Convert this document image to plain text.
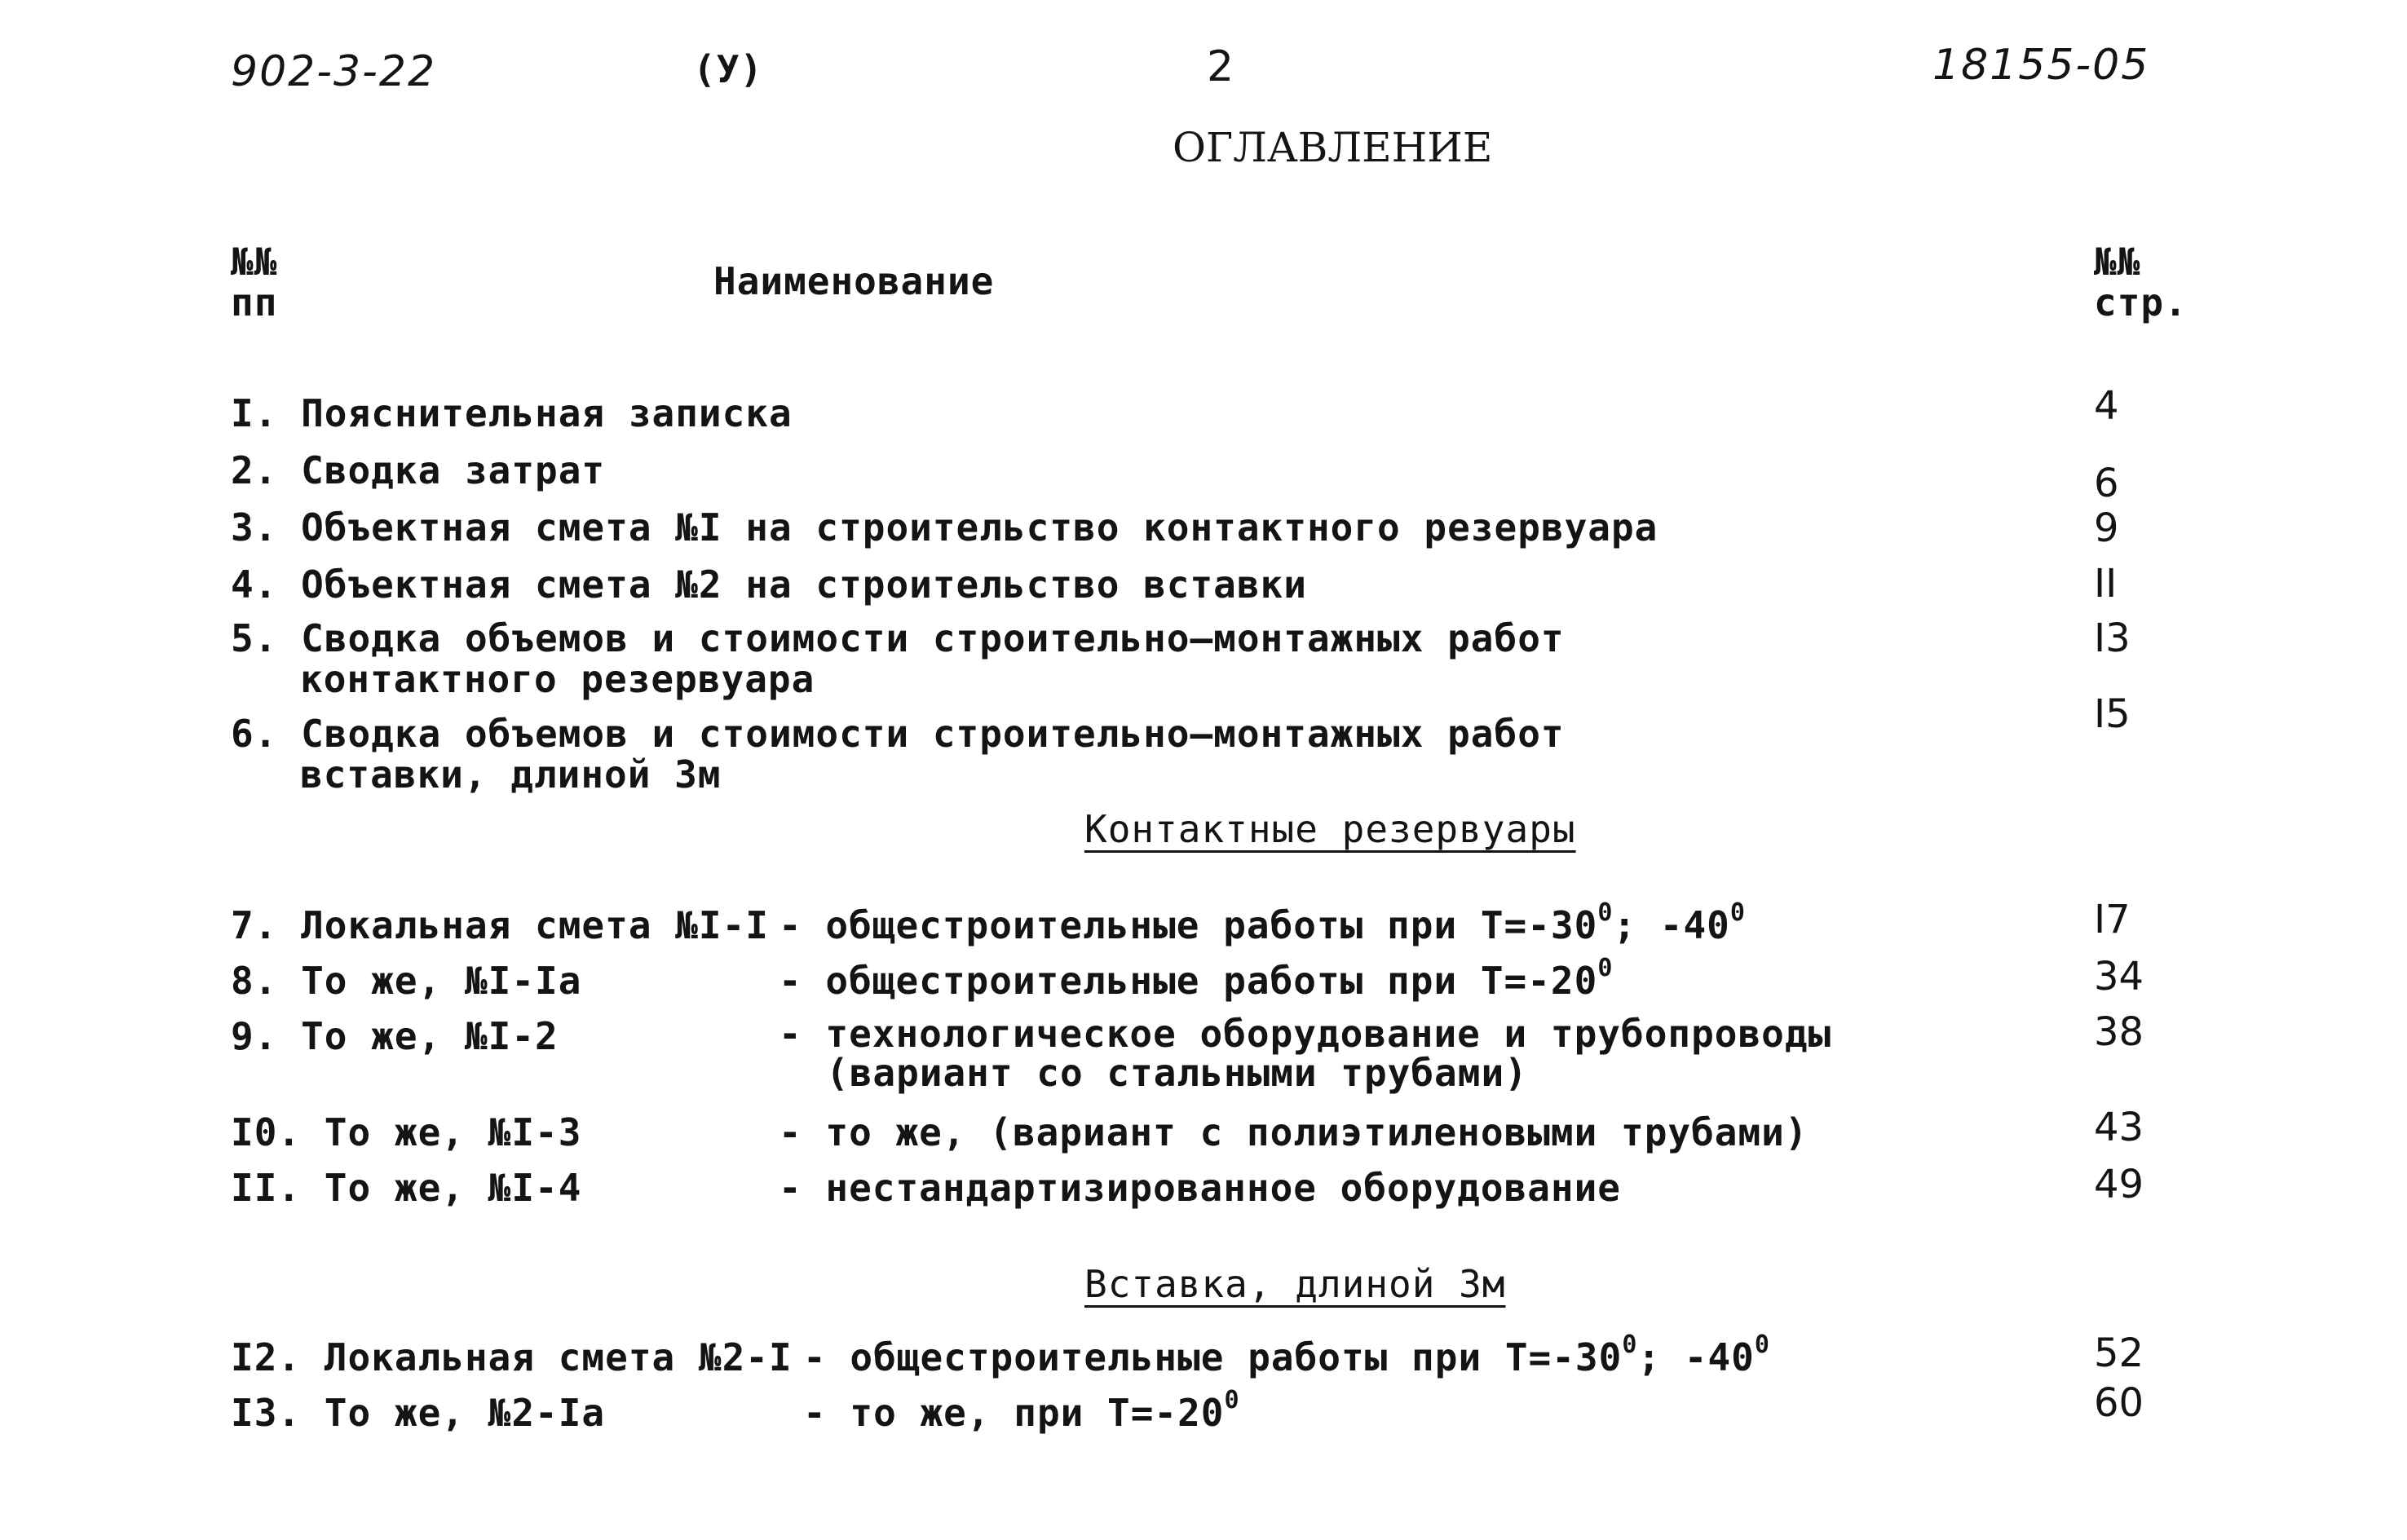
902-3-22	(У)	2	18155-05
ОГЛАВЛЕНИЕ
№№
пп	Наименование	№№
стр.
I. Пояснительная записка	4
2. Сводка затрат	6
3. Объектная смета №I на строительство контактного резервуара	9
4. Объектная смета №2 на строительство вставки	II
5. Сводка объемов и стоимости строительно–монтажных работ
контактного резервуара
I3
6. Сводка объемов и стоимости строительно–монтажных работ
вставки, длиной 3м
I5
Контактные резервуары
7. Локальная смета №I-I - общестроительные работы при $Т=-30^0$; $-40^0$	I7
8. То же, №I-Iа	- общестроительные работы при $Т=-20^0$	34
9. То же, №I-2	- технологическое оборудование и трубопроводы
(вариант со стальными трубами)
38
I0. То же, №I-3	- то же, (вариант с полиэтиленовыми трубами)	43
II. То же, №I-4	- нестандартизированное оборудование	49
Вставка, длиной 3м
I2. Локальная смета №2-I - общестроительные работы при $Т=-30^0$; $-40^0$	52
I3. То же, №2-Iа	- то же, при $Т=-20^0$	60
